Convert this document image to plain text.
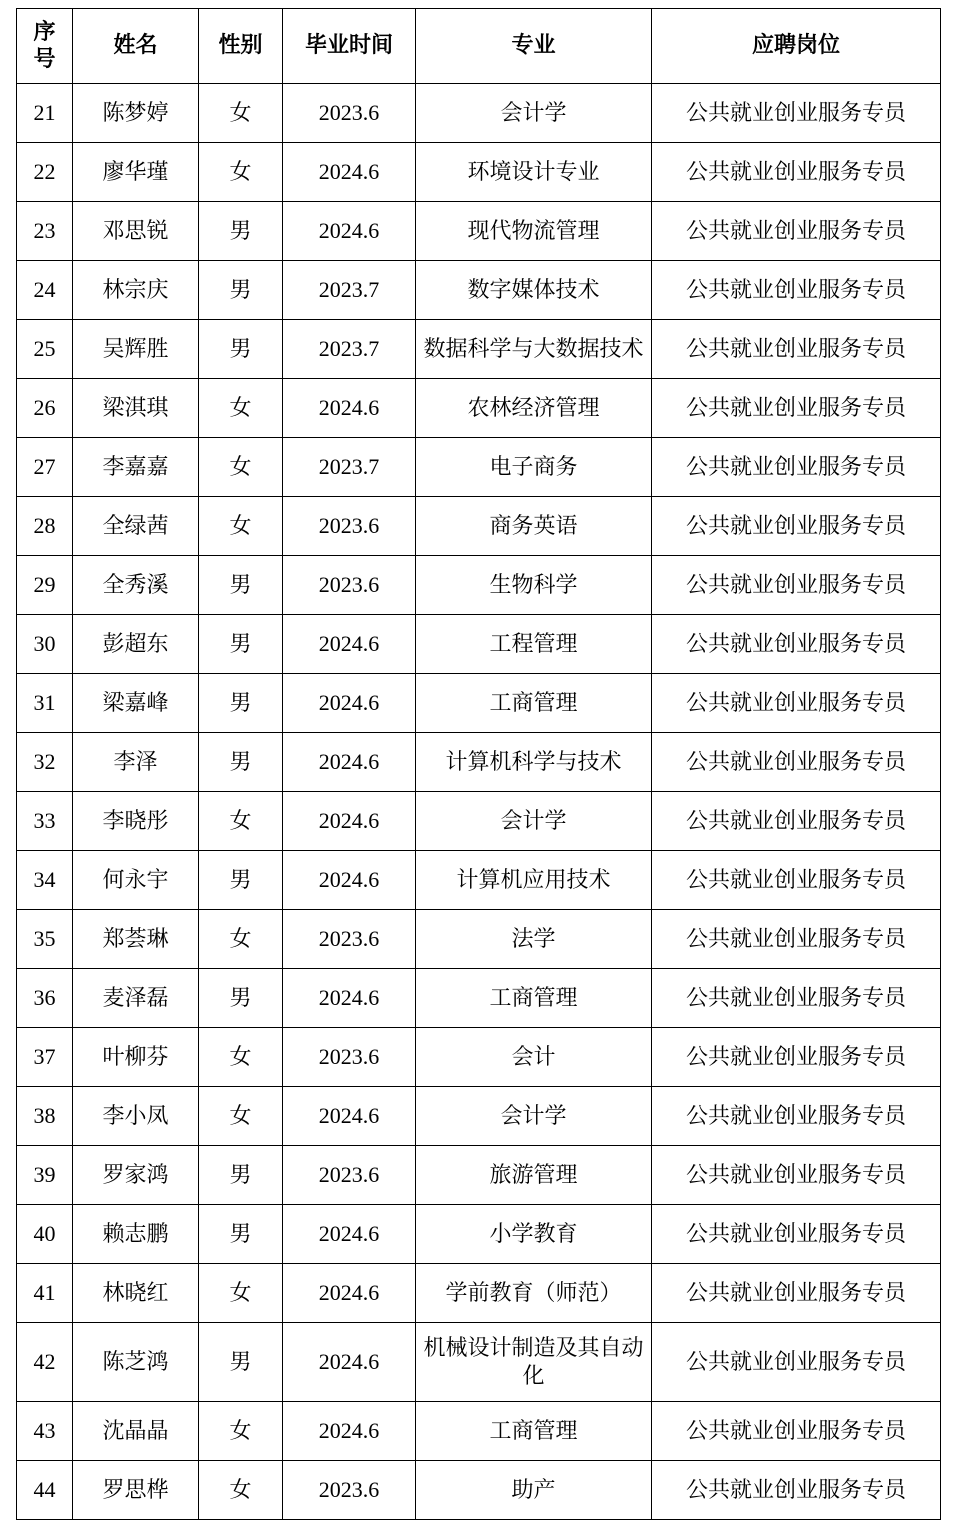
序
号	姓名	性别	毕业时间	专业	应聘岗位
21	陈梦婷	女	2023.6	会计学	公共就业创业服务专员
22	廖华瑾	女	2024.6	环境设计专业	公共就业创业服务专员
23	邓思锐	男	2024.6	现代物流管理	公共就业创业服务专员
24	林宗庆	男	2023.7	数字媒体技术	公共就业创业服务专员
25	吴辉胜	男	2023.7	数据科学与大数据技术	公共就业创业服务专员
26	梁淇琪	女	2024.6	农林经济管理	公共就业创业服务专员
27	李嘉嘉	女	2023.7	电子商务	公共就业创业服务专员
28	全绿茜	女	2023.6	商务英语	公共就业创业服务专员
29	全秀溪	男	2023.6	生物科学	公共就业创业服务专员
30	彭超东	男	2024.6	工程管理	公共就业创业服务专员
31	梁嘉峰	男	2024.6	工商管理	公共就业创业服务专员
32	李泽	男	2024.6	计算机科学与技术	公共就业创业服务专员
33	李晓彤	女	2024.6	会计学	公共就业创业服务专员
34	何永宇	男	2024.6	计算机应用技术	公共就业创业服务专员
35	郑荟琳	女	2023.6	法学	公共就业创业服务专员
36	麦泽磊	男	2024.6	工商管理	公共就业创业服务专员
37	叶柳芬	女	2023.6	会计	公共就业创业服务专员
38	李小凤	女	2024.6	会计学	公共就业创业服务专员
39	罗家鸿	男	2023.6	旅游管理	公共就业创业服务专员
40	赖志鹏	男	2024.6	小学教育	公共就业创业服务专员
41	林晓红	女	2024.6	学前教育（师范）	公共就业创业服务专员
42	陈芝鸿	男	2024.6	机械设计制造及其自动化	公共就业创业服务专员
43	沈晶晶	女	2024.6	工商管理	公共就业创业服务专员
44	罗思桦	女	2023.6	助产	公共就业创业服务专员
